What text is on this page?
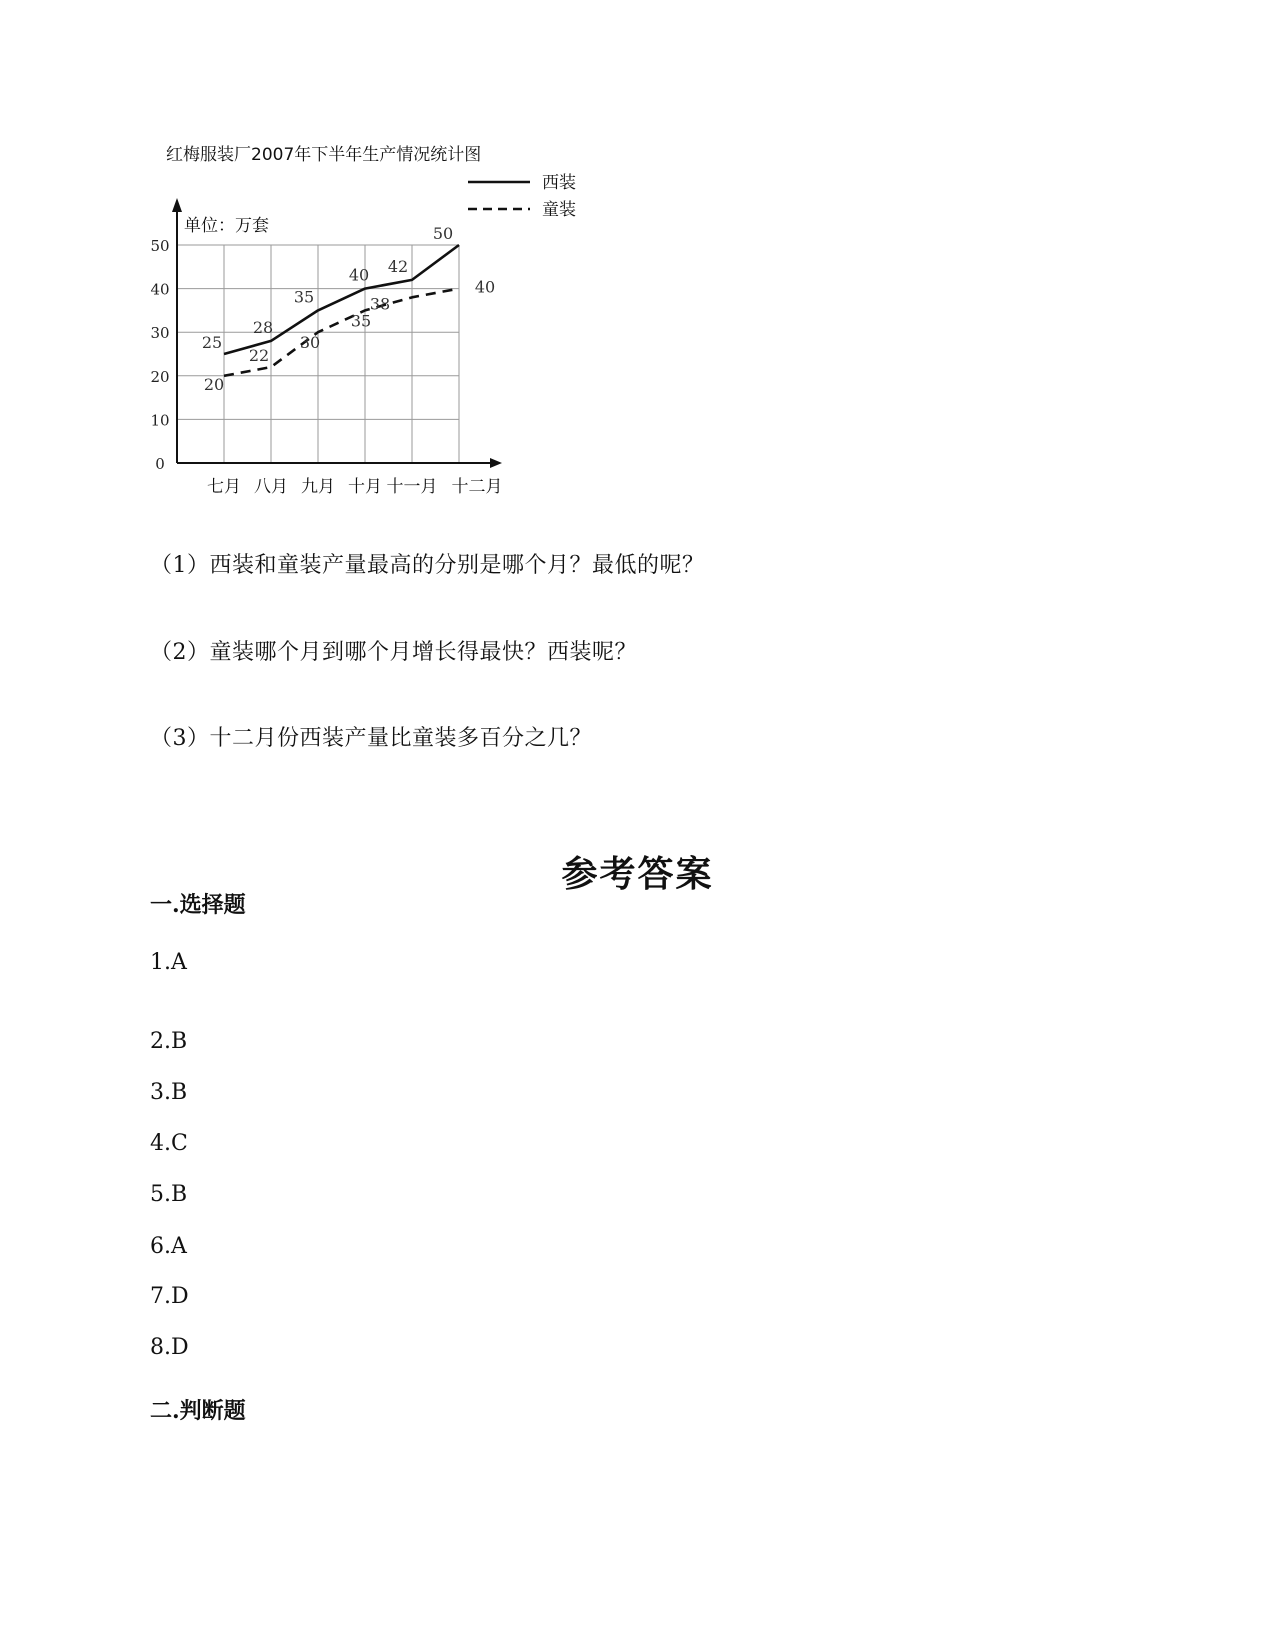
红梅服装厂2007年下半年生产情况统计图
0
10
20
30
40
50
单位：万套
七月 八月 九月 十月 十一月 十二月
西装
童装
25
28
35
40 42
50
20
22
30
35
38
40
（1）西装和童装产量最高的分别是哪个月？最低的呢？
（2）童装哪个月到哪个月增长得最快？西装呢？
（3）十二月份西装产量比童装多百分之几？
参考答案
一.选择题
1.A
2.B
3.B
4.C
5.B
6.A
7.D
8.D
二.判断题
